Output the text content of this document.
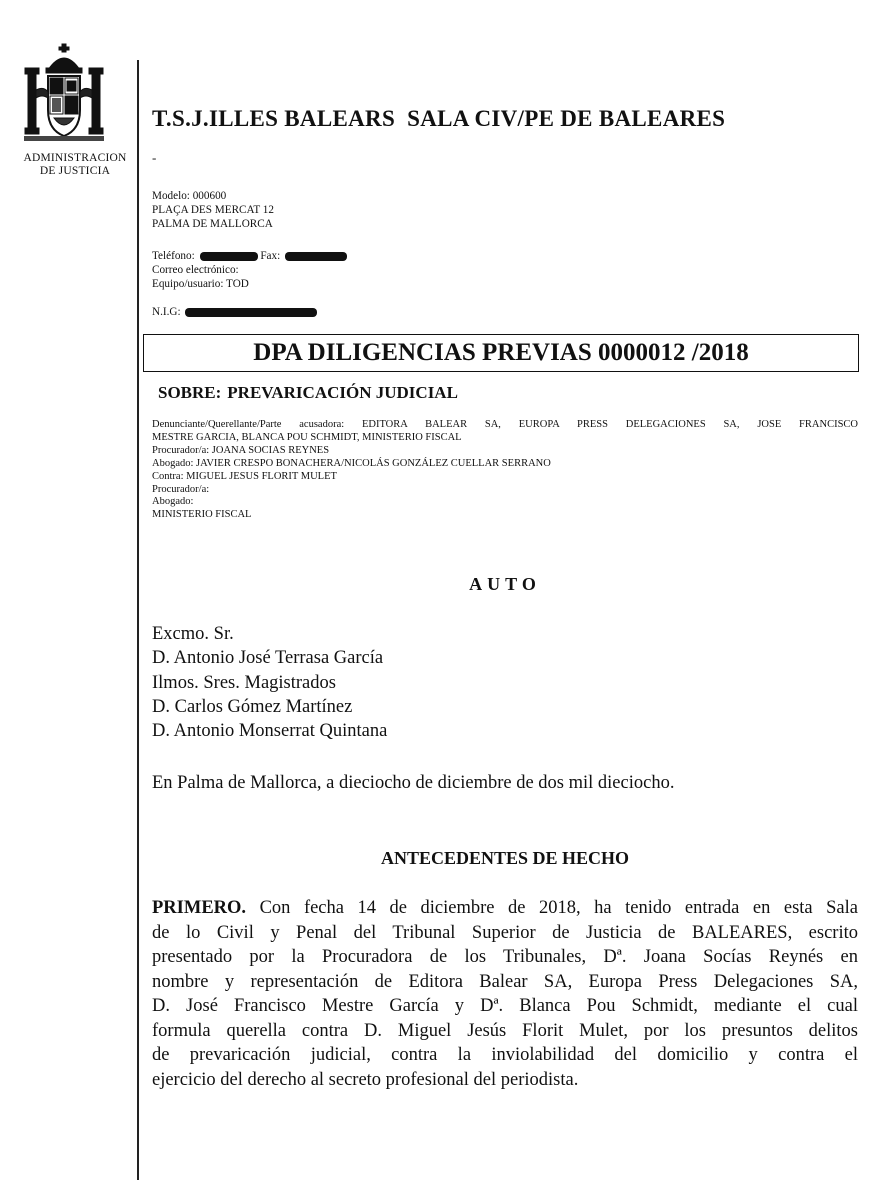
ADMINISTRACION
DE JUSTICIA
T.S.J.ILLES BALEARS  SALA CIV/PE DE BALEARES
-
Modelo: 000600
PLAÇA DES MERCAT 12
PALMA DE MALLORCA
Teléfono:	Fax:
Correo electrónico:
Equipo/usuario: TOD
N.I.G:
DPA DILIGENCIAS PREVIAS 0000012 /2018
SOBRE: PREVARICACIÓN JUDICIAL
Denunciante/Querellante/Parte acusadora: EDITORA BALEAR SA, EUROPA PRESS DELEGACIONES SA, JOSE FRANCISCO
MESTRE GARCIA, BLANCA POU SCHMIDT, MINISTERIO FISCAL
Procurador/a: JOANA SOCIAS REYNES
Abogado: JAVIER CRESPO BONACHERA/NICOLÁS GONZÁLEZ CUELLAR SERRANO
Contra: MIGUEL JESUS FLORIT MULET
Procurador/a:
Abogado:
MINISTERIO FISCAL
AUTO
Excmo. Sr.
D. Antonio José Terrasa García
Ilmos. Sres. Magistrados
D. Carlos Gómez Martínez
D. Antonio Monserrat Quintana
En Palma de Mallorca, a dieciocho de diciembre de dos mil dieciocho.
ANTECEDENTES DE HECHO
PRIMERO. Con fecha 14 de diciembre de 2018, ha tenido entrada en esta Sala
de lo Civil y Penal del Tribunal Superior de Justicia de BALEARES, escrito
presentado por la Procuradora de los Tribunales, Dª. Joana Socías Reynés en
nombre y representación de Editora Balear SA, Europa Press Delegaciones SA,
D. José Francisco Mestre García y Dª. Blanca Pou Schmidt, mediante el cual
formula querella contra D. Miguel Jesús Florit Mulet, por los presuntos delitos
de prevaricación judicial, contra la inviolabilidad del domicilio y contra el
ejercicio del derecho al secreto profesional del periodista.
